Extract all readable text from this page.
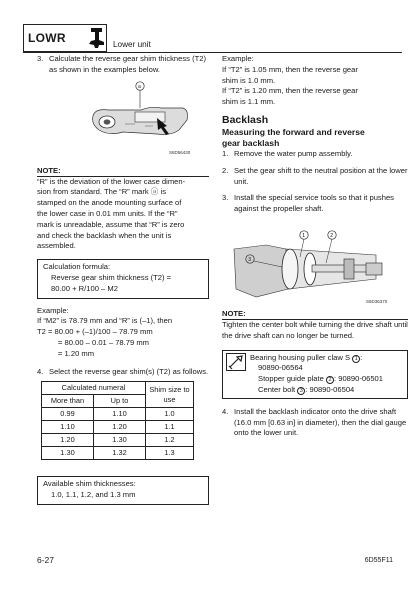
LOWR	Lower unit
3. Calculate the reverse gear shim thickness (T2) as shown in the examples below.
S6D56430
a
NOTE:
“R” is the deviation of the lower case dimen-
sion from standard. The “R” mark ⓐ is
stamped on the anode mounting surface of
the lower case in 0.01 mm units. If the “R”
mark is unreadable, assume that “R” is zero
and check the backlash when the unit is
assembled.
Calculation formula:
Reverse gear shim thickness (T2) =
80.00 + R/100 – M2
Example:
If “M2” is 78.79 mm and “R” is (–1), then
T2 = 80.00 + (–1)/100 – 78.79 mm
= 80.00 – 0.01 – 78.79 mm
= 1.20 mm
4. Select the reverse gear shim(s) (T2) as follows.
Calculated numeral		Shim size to use
More than	Up to	
0.99	1.10	1.0
1.10	1.20	1.1
1.20	1.30	1.2
1.30	1.32	1.3
Available shim thicknesses:
1.0, 1.1, 1.2, and 1.3 mm
Example:
If “T2” is 1.05 mm, then the reverse gear
shim is 1.0 mm.
If “T2” is 1.20 mm, then the reverse gear
shim is 1.1 mm.
Backlash
Measuring the forward and reverse
gear backlash
1. Remove the water pump assembly.
2. Set the gear shift to the neutral position at the lower unit.
3. Install the special service tools so that it pushes against the propeller shaft.
1	2
3
S6D36370
NOTE:
Tighten the center bolt while turning the drive shaft until the drive shaft can no longer be turned.
Bearing housing puller claw S 1 :
90890-06564
Stopper guide plate 2 : 90890-06501
Center bolt 3 : 90890-06504
4. Install the backlash indicator onto the drive shaft (16.0 mm [0.63 in] in diameter), then the dial gauge onto the lower unit.
6-27	6D55F11
